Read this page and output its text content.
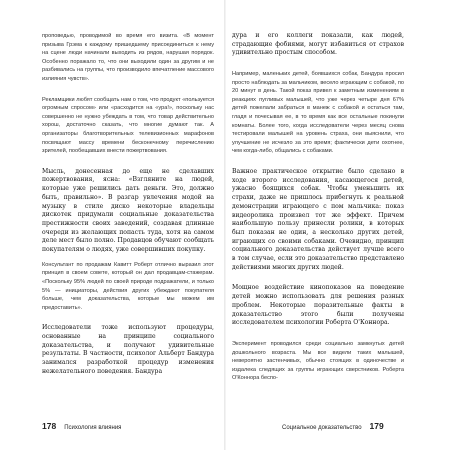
проповедью, проводимой во время его визита. «В момент призыва Грэма к каждому пришедшему присоединиться к нему на сцене люди начинали выходить из рядов, нарушая порядок. Особенно поражало то, что они выходили один за другим и не разбивались на группы, что производило впечатление массового излияния чувств».

Рекламщики любят сообщать нам о том, что продукт «пользуется огромным спросом» или «расходится на «ура!», поскольку нас совершенно не нужно убеждать в том, что товар действительно хорош, достаточно сказать, что многие думают так. А организаторы благотворительных телевизионных марафонов посвящают массу времени бесконечному перечислению зрителей, пообещавших внести пожертвования.

Мысль, донесенная до еще не сделавших пожертвования, ясна: «Взгляните на людей, которые уже решились дать деньги. Это, должно быть, правильно». В разгар увлечения модой на музыку в стиле диско некоторые владельцы дискотек придумали социальные доказательства престижности своих заведений, создавая длинные очереди из желающих попасть туда, хотя на самом деле мест было полно. Продавцов обучают сообщать покупателям о людях, уже совершивших покупку.

Консультант по продажам Кавитт Роберт отлично выразил этот принцип в своем совете, который он дал продавцам-стажерам. «Поскольку 95% людей по своей природе подражатели, и только 5% — инициаторы, действия других убеждают покупателя больше, чем доказательства, которые мы можем им предоставить».

Исследователи тоже используют процедуры, основанные на принципе социального доказательства, и получают удивительные результаты. В частности, психолог Альберт Бандура занимался разработкой процедур изменения нежелательного поведения. Бандура

178 Психология влияния

дура и его коллеги показали, как людей, страдающие фобиями, могут избавиться от страхов удивительно простым способом.

Например, маленьких детей, боявшихся собак, Бандура просил просто наблюдать за мальчиком, весело играющим с собакой, по 20 минут в день. Такой показ привел к заметным изменениям в реакциях пугливых малышей, что уже через четыре дня 67% детей пожелали забраться в манеж с собакой и остаться там, гладя и почесывая ее, в то время как все остальные покинули комнаты. Более того, когда исследователи через месяц снова тестировали малышей на уровень страха, они выяснили, что улучшение не исчезло за это время; фактически дети охотнее, чем когда-либо, общались с собаками.

Важное практическое открытие было сделано в ходе второго исследования, касающегося детей, ужасно боящихся собак. Чтобы уменьшить их страхи, даже не пришлось прибегнуть к реальной демонстрации играющего с пом мальчика: показ видеоролика произвел тот же эффект. Причем наибольшую пользу принесли ролики, в которых был показан не один, а несколько других детей, играющих со своими собаками. Очевидно, принцип социального доказательства действует лучше всего в том случае, если это доказательство представлено действиями многих других людей.

Мощное воздействие кинопоказов на поведение детей можно использовать для решения разных проблем. Некоторые поразительные факты в доказательство этого были получены исследователем психологии Роберта О'Коннора.

Эксперимент проводился среди социально замкнутых детей дошкольного возраста. Мы все видели таких малышей, невероятно застенчивых, обычно стоящих в одиночестве и издалека следящих за группы играющих сверстников. Роберта О'Коннора беспо-

Социальное доказательство 179
